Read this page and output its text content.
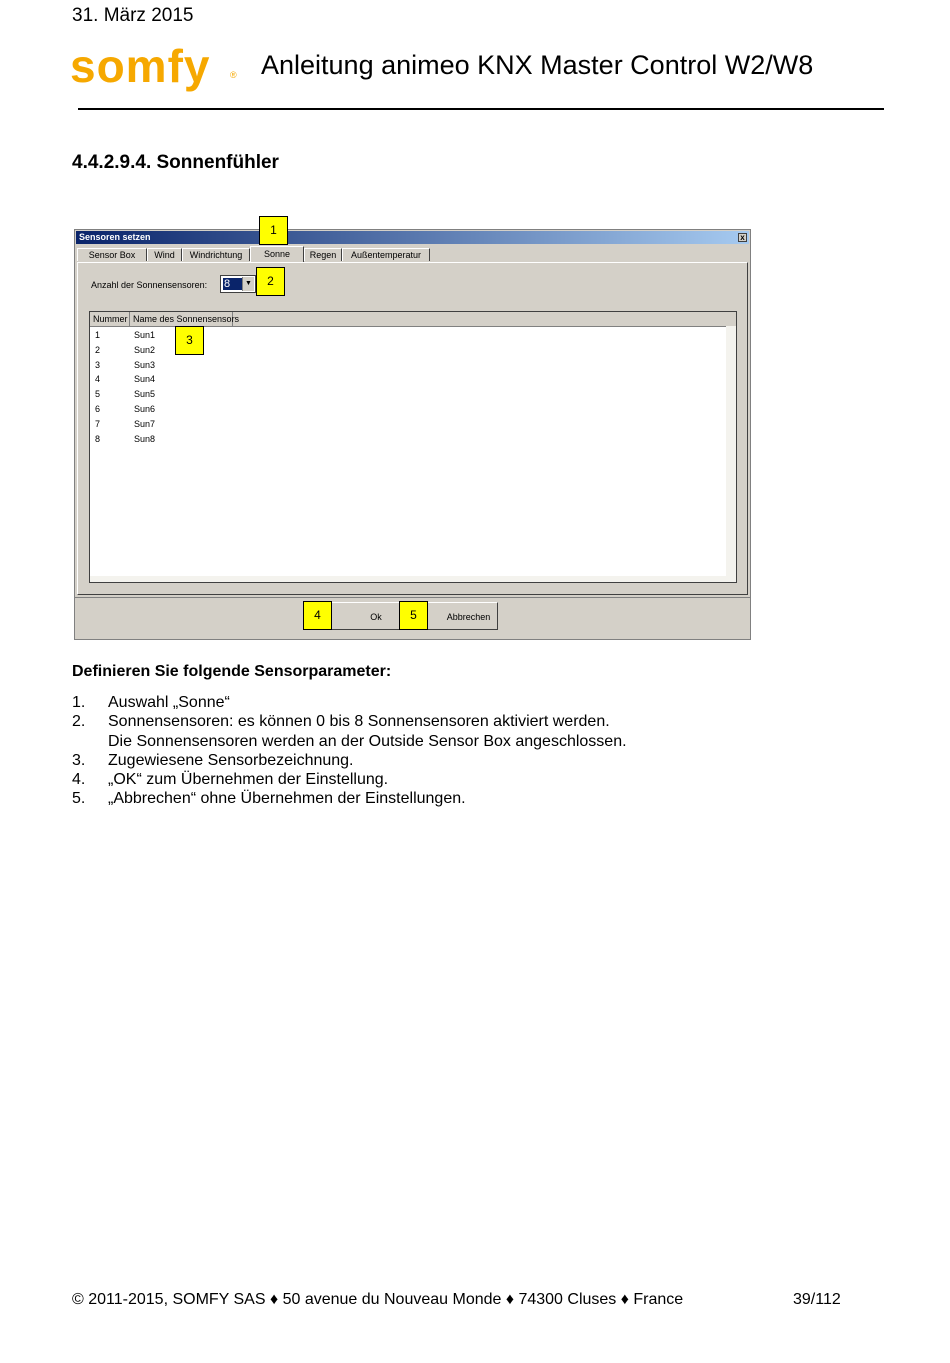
31. März 2015
somfy ® Anleitung animeo KNX Master Control W2/W8
4.4.2.9.4. Sonnenfühler
Sensoren setzen	x
Sensor Box	Wind	Windrichtung	Sonne	Regen	Außentemperatur
Anzahl der Sonnensensoren: 8	▼
Nummer Name des Sonnensensors
1	Sun1
2	Sun2
3	Sun3
4	Sun4
5	Sun5
6	Sun6
7	Sun7
8	Sun8
Ok	Abbrechen
1
2
3
4	5
Definieren Sie folgende Sensorparameter:
1. Auswahl „Sonne“
2. Sonnensensoren: es können 0 bis 8 Sonnensensoren aktiviert werden.
Die Sonnensensoren werden an der Outside Sensor Box angeschlossen.
3. Zugewiesene Sensorbezeichnung.
4. „OK“ zum Übernehmen der Einstellung.
5. „Abbrechen“ ohne Übernehmen der Einstellungen.
© 2011-2015, SOMFY SAS ♦ 50 avenue du Nouveau Monde ♦ 74300 Cluses ♦ France	39/112
